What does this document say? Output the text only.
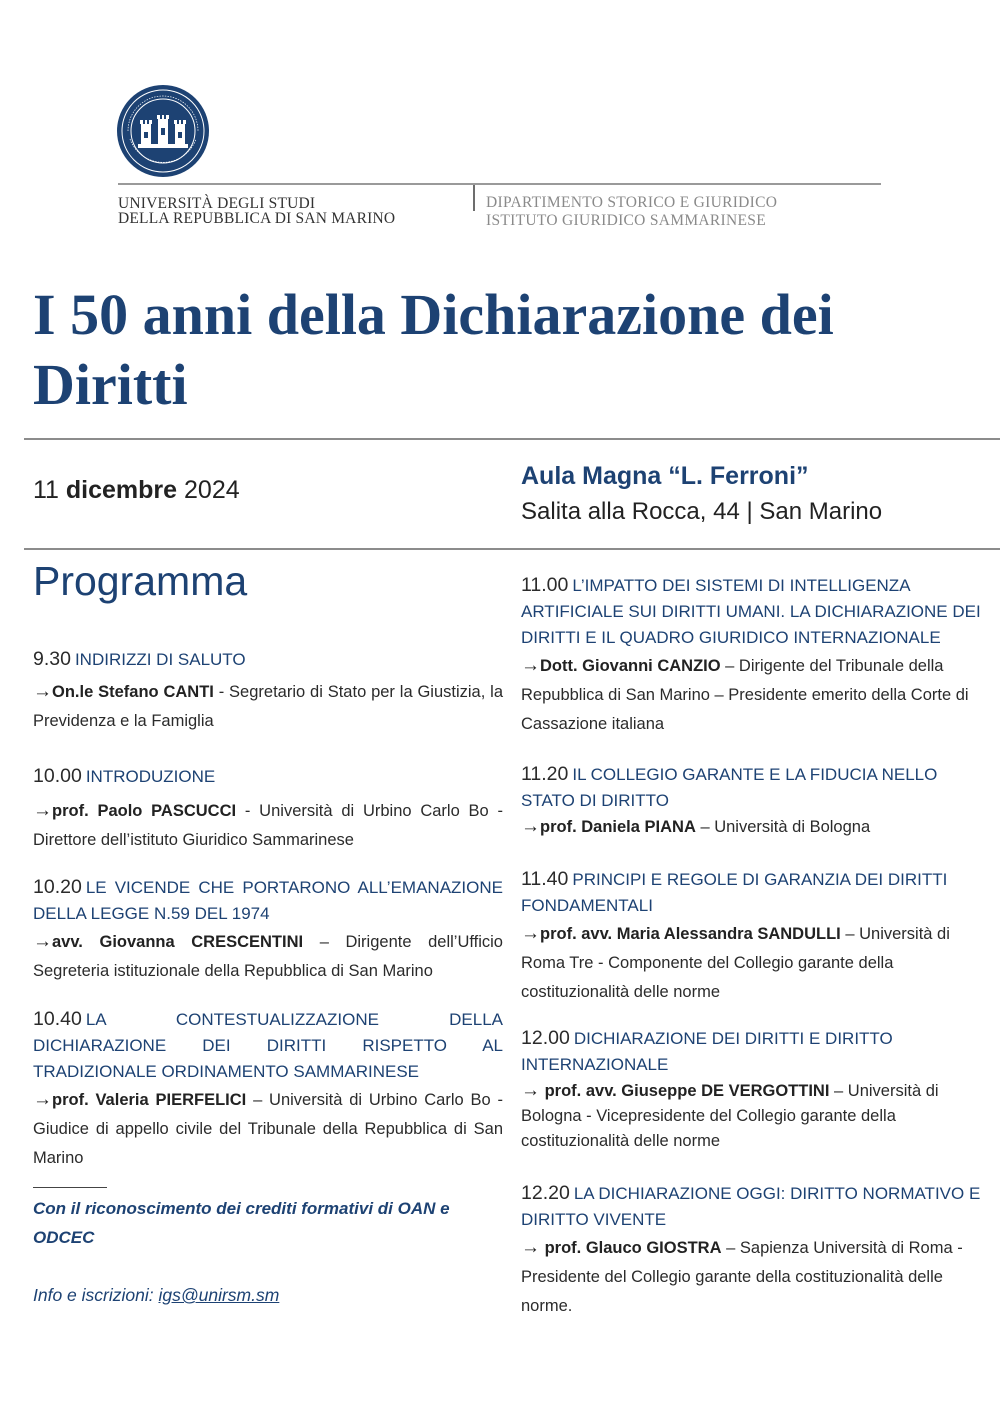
UNIVERSITÀ DEGLI STUDI
DELLA REPUBBLICA DI SAN MARINO
DIPARTIMENTO STORICO E GIURIDICO
ISTITUTO GIURIDICO SAMMARINESE
I 50 anni della Dichiarazione dei Diritti
11 dicembre 2024	Aula Magna “L. Ferroni”
Salita alla Rocca, 44 | San Marino
Programma
9.30 INDIRIZZI DI SALUTO
→On.le Stefano CANTI - Segretario di Stato per la Giustizia, la Previdenza e la Famiglia
10.00 INTRODUZIONE
→prof. Paolo PASCUCCI - Università di Urbino Carlo Bo - Direttore dell’istituto Giuridico Sammarinese
10.20 LE VICENDE CHE PORTARONO ALL’EMANAZIONE DELLA LEGGE N.59 DEL 1974
→avv. Giovanna CRESCENTINI – Dirigente dell’Ufficio Segreteria istituzionale della Repubblica di San Marino
10.40 LA CONTESTUALIZZAZIONE DELLA DICHIARAZIONE DEI DIRITTI RISPETTO AL TRADIZIONALE ORDINAMENTO SAMMARINESE
→prof. Valeria PIERFELICI – Università di Urbino Carlo Bo - Giudice di appello civile del Tribunale della Repubblica di San Marino
Con il riconoscimento dei crediti formativi di OAN e ODCEC
Info e iscrizioni: igs@unirsm.sm
11.00 L’IMPATTO DEI SISTEMI DI INTELLIGENZA ARTIFICIALE SUI DIRITTI UMANI. LA DICHIARAZIONE DEI DIRITTI E IL QUADRO GIURIDICO INTERNAZIONALE
→Dott. Giovanni CANZIO – Dirigente del Tribunale della Repubblica di San Marino – Presidente emerito della Corte di Cassazione italiana
11.20 IL COLLEGIO GARANTE E LA FIDUCIA NELLO STATO DI DIRITTO
→prof. Daniela PIANA – Università di Bologna
11.40 PRINCIPI E REGOLE DI GARANZIA DEI DIRITTI FONDAMENTALI
→prof. avv. Maria Alessandra SANDULLI – Università di Roma Tre - Componente del Collegio garante della costituzionalità delle norme
12.00 DICHIARAZIONE DEI DIRITTI E DIRITTO INTERNAZIONALE
→ prof. avv. Giuseppe DE VERGOTTINI – Università di Bologna - Vicepresidente del Collegio garante della costituzionalità delle norme
12.20 LA DICHIARAZIONE OGGI: DIRITTO NORMATIVO E DIRITTO VIVENTE
→ prof. Glauco GIOSTRA – Sapienza Università di Roma - Presidente del Collegio garante della costituzionalità delle norme.
